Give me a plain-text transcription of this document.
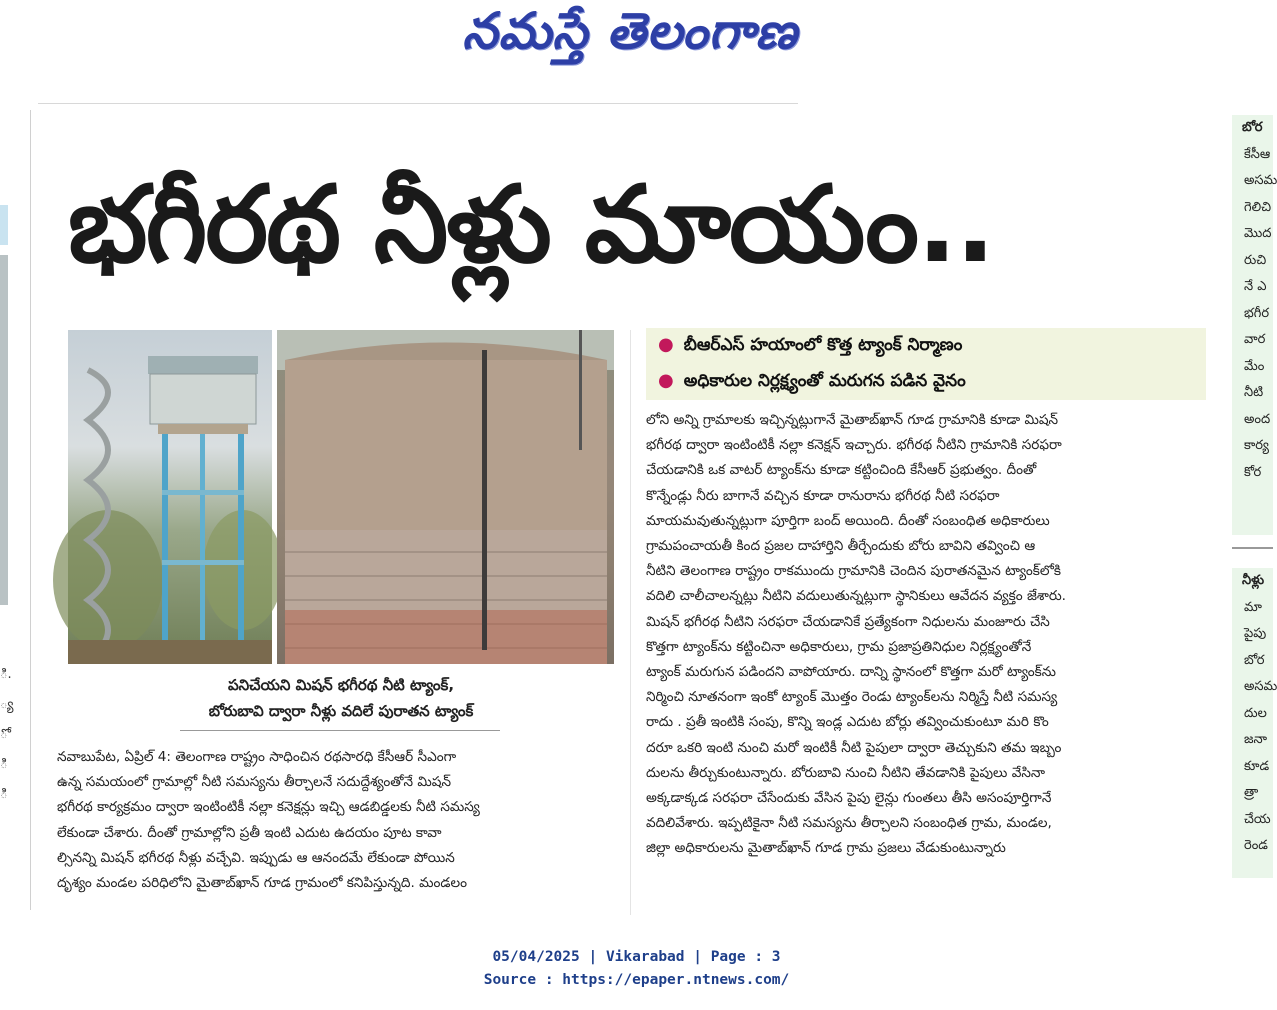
నమస్తే తెలంగాణ
ి.
్య
ో
ి
ి
భగీరథ నీళ్లు మాయం..
పనిచేయని మిషన్ భగీరథ నీటి ట్యాంక్,
బోరుబావి ద్వారా నీళ్లు వదిలే పురాతన ట్యాంక్
● బీఆర్‌ఎస్ హయాంలో కొత్త ట్యాంక్ నిర్మాణం
● అధికారుల నిర్లక్ష్యంతో మరుగన పడిన వైనం

నవాబుపేట, ఏప్రిల్ 4: తెలంగాణ రాష్ట్రం సాధించిన రథసారధి కేసీఆర్ సీఎంగా

ఉన్న సమయంలో గ్రామాల్లో నీటి సమస్యను తీర్చాలనే సదుద్దేశ్యంతోనే మిషన్

భగీరథ కార్యక్రమం ద్వారా ఇంటింటికీ నల్లా కనెక్షన్లు ఇచ్చి ఆడబిడ్డలకు నీటి సమస్య

లేకుండా చేశారు. దీంతో గ్రామాల్లోని ప్రతీ ఇంటి ఎదుట ఉదయం పూట కావా

ల్సినన్ని మిషన్ భగీరథ నీళ్లు వచ్చేవి. ఇప్పుడు ఆ ఆనందమే లేకుండా పోయిన

దృశ్యం మండల పరిధిలోని మైతాబ్‌ఖాన్ గూడ గ్రామంలో కనిపిస్తున్నది. మండలం

లోని అన్ని గ్రామాలకు ఇచ్చిన్నట్లుగానే మైతాబ్‌ఖాన్ గూడ గ్రామానికి కూడా మిషన్

భగీరథ ద్వారా ఇంటింటికీ నల్లా కనెక్షన్ ఇచ్చారు. భగీరథ నీటిని గ్రామానికి సరఫరా

చేయడానికి ఒక వాటర్ ట్యాంక్‌ను కూడా కట్టించింది కేసీఆర్ ప్రభుత్వం. దీంతో

కొన్నేండ్లు నీరు బాగానే వచ్చిన కూడా రానురాను భగీరథ నీటి సరఫరా

మాయమవుతున్నట్లుగా పూర్తిగా బంద్ అయింది. దీంతో సంబంధిత అధికారులు

గ్రామపంచాయతీ కింద ప్రజల దాహార్తిని తీర్చేందుకు బోరు బావిని తవ్వించి ఆ

నీటిని తెలంగాణ రాష్ట్రం రాకముందు గ్రామానికి చెందిన పురాతనమైన ట్యాంక్‌లోకి

వదిలి చాలీచాలన్నట్లు నీటిని వదులుతున్నట్లుగా స్థానికులు ఆవేదన వ్యక్తం జేశారు.

మిషన్ భగీరథ నీటిని సరఫరా చేయడానికే ప్రత్యేకంగా నిధులను మంజూరు చేసి

కొత్తగా ట్యాంక్‌ను కట్టించినా అధికారులు, గ్రామ ప్రజాప్రతినిధుల నిర్లక్ష్యంతోనే

ట్యాంక్ మరుగున పడిందని వాపోయారు. దాన్ని స్థానంలో కొత్తగా మరో ట్యాంక్‌ను

నిర్మించి నూతనంగా ఇంకో ట్యాంక్ మొత్తం రెండు ట్యాంక్‌లను నిర్మిస్తే నీటి సమస్య

రాదు . ప్రతీ ఇంటికి సంపు, కొన్ని ఇండ్ల ఎదుట బోర్లు తవ్వించుకుంటూ మరి కొం

దరూ ఒకరి ఇంటి నుంచి మరో ఇంటికీ నీటి పైపులా ద్వారా తెచ్చుకుని తమ ఇబ్బం

దులను తీర్చుకుంటున్నారు. బోరుబావి నుంచి నీటిని తేవడానికి పైపులు వేసినా

అక్కడాక్కడ సరఫరా చేసేందుకు వేసిన పైపు లైన్లు గుంతలు తీసి అసంపూర్తిగానే

వదిలివేశారు. ఇప్పటికైనా నీటి సమస్యను తీర్చాలని సంబంధిత గ్రామ, మండల,

జిల్లా అధికారులను మైతాబ్‌ఖాన్ గూడ గ్రామ ప్రజలు వేడుకుంటున్నారు

బోర

కేసీఆ

అసమ

గెలిచి

మొద

రుచి

నే ఎ

భగీర

వార

మేం

నీటి

అంద

కార్య

కోర

నీళ్లు

మా

పైపు

బోర

అసమ

దుల

జనా

కూడ

త్రా

చేయ

రెండ

05/04/2025 | Vikarabad | Page : 3
Source : https://epaper.ntnews.com/
